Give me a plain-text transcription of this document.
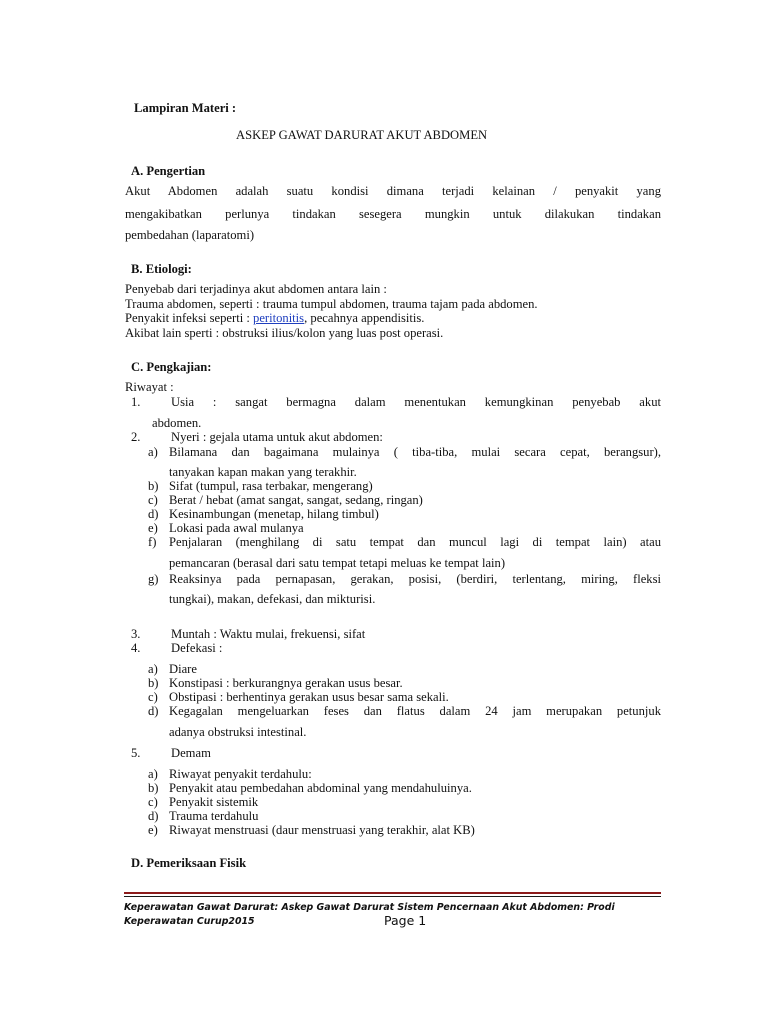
Lampiran Materi :
ASKEP GAWAT DARURAT AKUT ABDOMEN
A. Pengertian
Akut Abdomen adalah suatu kondisi dimana terjadi kelainan / penyakit yang
mengakibatkan perlunya tindakan sesegera mungkin untuk dilakukan tindakan
pembedahan (laparatomi)
B. Etiologi:
Penyebab dari terjadinya akut abdomen antara lain :
Trauma abdomen, seperti : trauma tumpul abdomen, trauma tajam pada abdomen.
Penyakit infeksi seperti : peritonitis, pecahnya appendisitis.
Akibat lain sperti : obstruksi ilius/kolon yang luas post operasi.
C. Pengkajian:
Riwayat :
1. Usia : sangat bermagna dalam menentukan kemungkinan penyebab akut
abdomen.
2. Nyeri : gejala utama untuk akut abdomen:
a) Bilamana dan bagaimana mulainya ( tiba-tiba, mulai secara cepat, berangsur),
tanyakan kapan makan yang terakhir.
b) Sifat (tumpul, rasa terbakar, mengerang)
c) Berat / hebat (amat sangat, sangat, sedang, ringan)
d) Kesinambungan (menetap, hilang timbul)
e) Lokasi pada awal mulanya
f) Penjalaran (menghilang di satu tempat dan muncul lagi di tempat lain) atau
pemancaran (berasal dari satu tempat tetapi meluas ke tempat lain)
g) Reaksinya pada pernapasan, gerakan, posisi, (berdiri, terlentang, miring, fleksi
tungkai), makan, defekasi, dan mikturisi.
3. Muntah : Waktu mulai, frekuensi, sifat
4. Defekasi :
a) Diare
b) Konstipasi : berkurangnya gerakan usus besar.
c) Obstipasi : berhentinya gerakan usus besar sama sekali.
d) Kegagalan mengeluarkan feses dan flatus dalam 24 jam merupakan petunjuk
adanya obstruksi intestinal.
5. Demam
a) Riwayat penyakit terdahulu:
b) Penyakit atau pembedahan abdominal yang mendahuluinya.
c) Penyakit sistemik
d) Trauma terdahulu
e) Riwayat menstruasi (daur menstruasi yang terakhir, alat KB)
D. Pemeriksaan Fisik
Keperawatan Gawat Darurat: Askep Gawat Darurat Sistem Pencernaan Akut Abdomen: Prodi
Keperawatan Curup2015	Page 1
